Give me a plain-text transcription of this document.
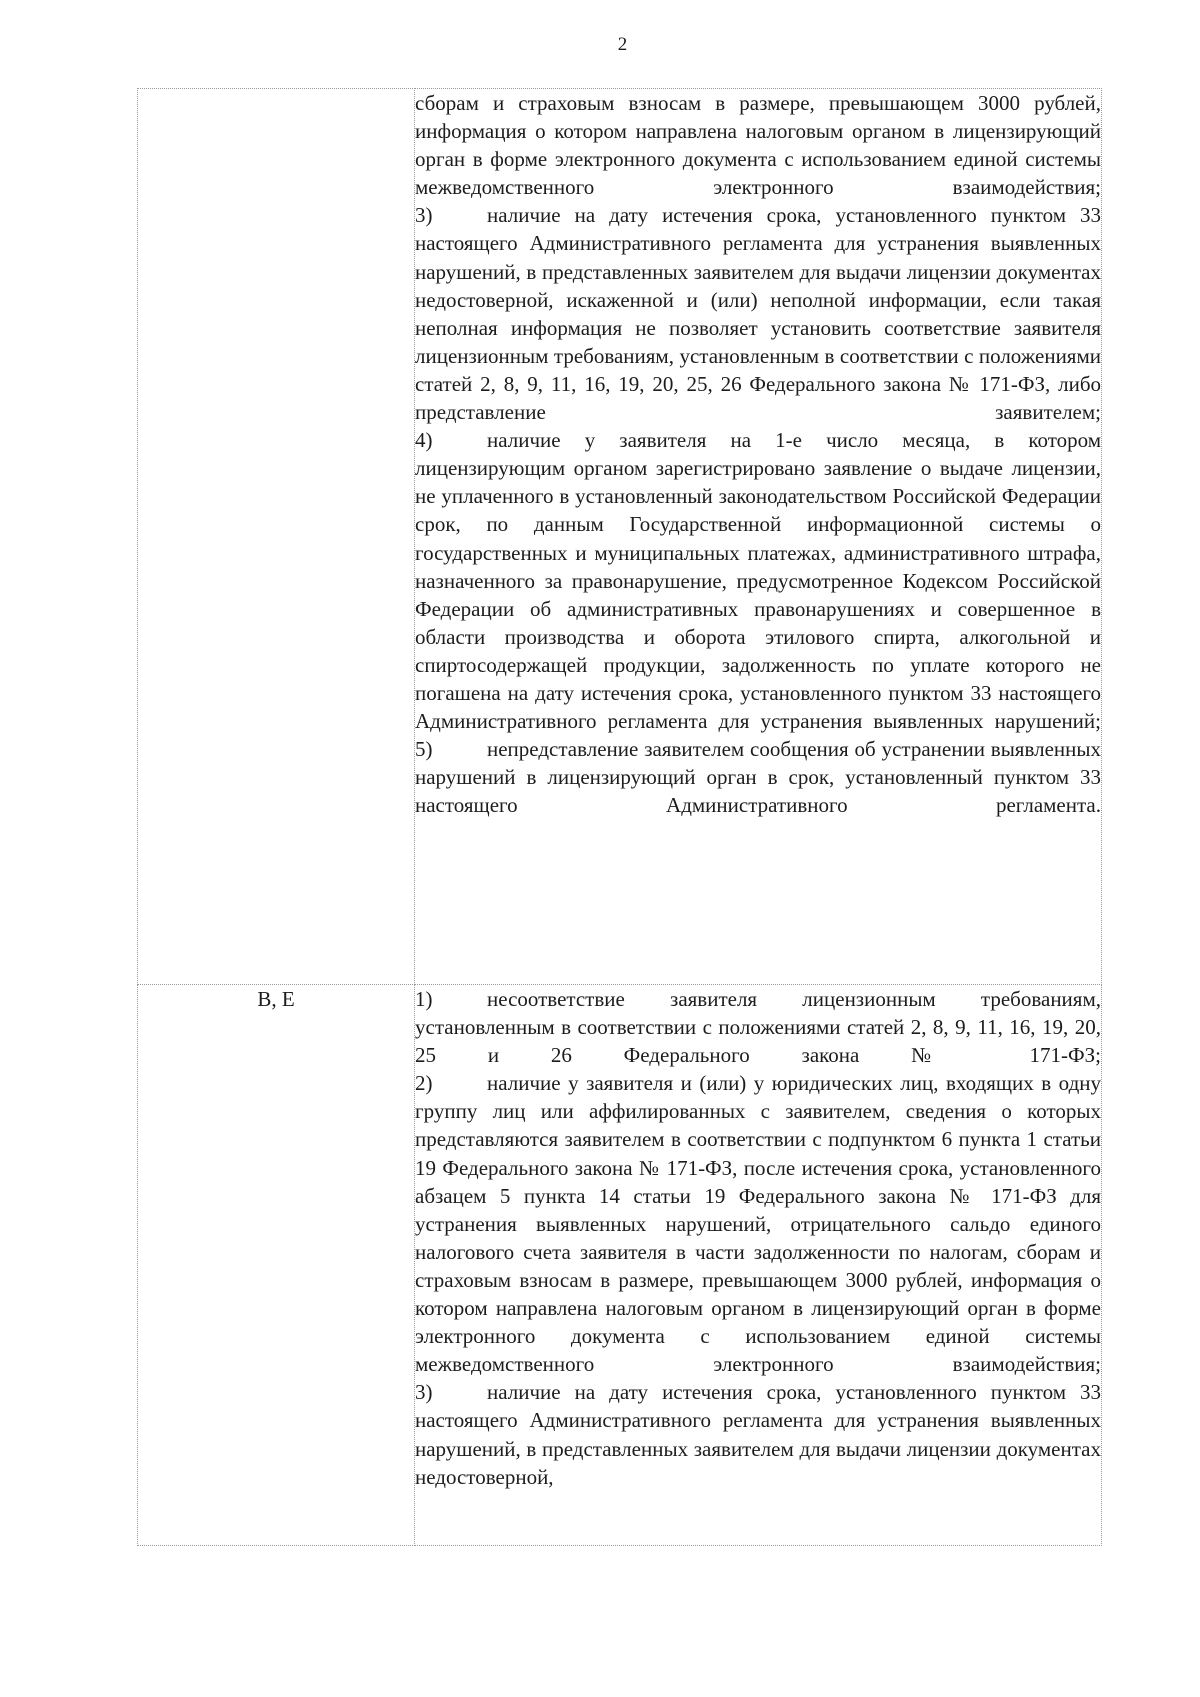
2

	сборам и страховым взносам в размере, превышающем 3000 рублей, информация о котором направлена налоговым органом в лицензирующий орган в форме электронного документа с использованием единой системы межведомственного электронного взаимодействия;

3) наличие на дату истечения срока, установленного пунктом 33 настоящего Административного регламента для устранения выявленных нарушений, в представленных заявителем для выдачи лицензии документах недостоверной, искаженной и (или) неполной информации, если такая неполная информация не позволяет установить соответствие заявителя лицензионным требованиям, установленным в соответствии с положениями статей 2, 8, 9, 11, 16, 19, 20, 25, 26 Федерального закона № 171-ФЗ, либо представление заявителем;

4) наличие у заявителя на 1-е число месяца, в котором лицензирующим органом зарегистрировано заявление о выдаче лицензии, не уплаченного в установленный законодательством Российской Федерации срок, по данным Государственной информационной системы о государственных и муниципальных платежах, административного штрафа, назначенного за правонарушение, предусмотренное Кодексом Российской Федерации об административных правонарушениях и совершенное в области производства и оборота этилового спирта, алкогольной и спиртосодержащей продукции, задолженность по уплате которого не погашена на дату истечения срока, установленного пунктом 33 настоящего Административного регламента для устранения выявленных нарушений;

5) непредставление заявителем сообщения об устранении выявленных нарушений в лицензирующий орган в срок, установленный пунктом 33 настоящего Административного регламента.

В, Е	1) несоответствие заявителя лицензионным требованиям, установленным в соответствии с положениями статей 2, 8, 9, 11, 16, 19, 20, 25 и 26 Федерального закона № 171-ФЗ;

2) наличие у заявителя и (или) у юридических лиц, входящих в одну группу лиц или аффилированных с заявителем, сведения о которых представляются заявителем в соответствии с подпунктом 6 пункта 1 статьи 19 Федерального закона № 171-ФЗ, после истечения срока, установленного абзацем 5 пункта 14 статьи 19 Федерального закона № 171-ФЗ для устранения выявленных нарушений, отрицательного сальдо единого налогового счета заявителя в части задолженности по налогам, сборам и страховым взносам в размере, превышающем 3000 рублей, информация о котором направлена налоговым органом в лицензирующий орган в форме электронного документа с использованием единой системы межведомственного электронного взаимодействия;

3) наличие на дату истечения срока, установленного пунктом 33 настоящего Административного регламента для устранения выявленных нарушений, в представленных заявителем для выдачи лицензии документах недостоверной,
